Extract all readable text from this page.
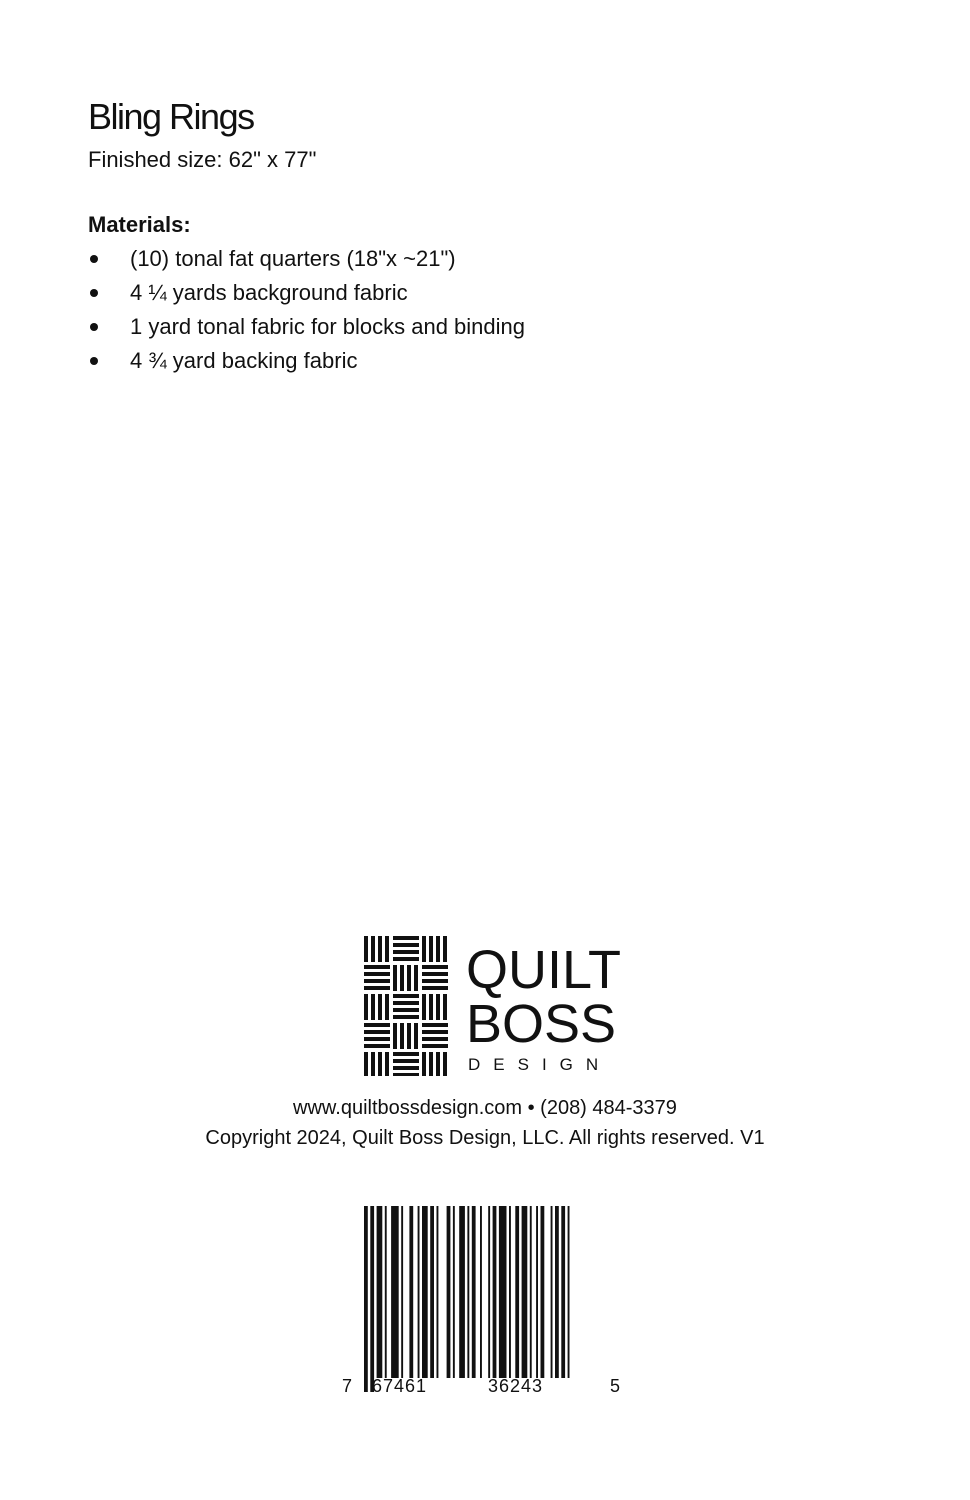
Bling Rings
Finished size: 62" x 77"
Materials:
(10) tonal fat quarters (18"x ~21")
4 ¼ yards background fabric
1 yard tonal fabric for blocks and binding
4 ¾ yard backing fabric
QUILT
BOSS
DESIGN
www.quiltbossdesign.com • (208) 484-3379
Copyright 2024, Quilt Boss Design, LLC. All rights reserved. V1
7 67461	36243	5
